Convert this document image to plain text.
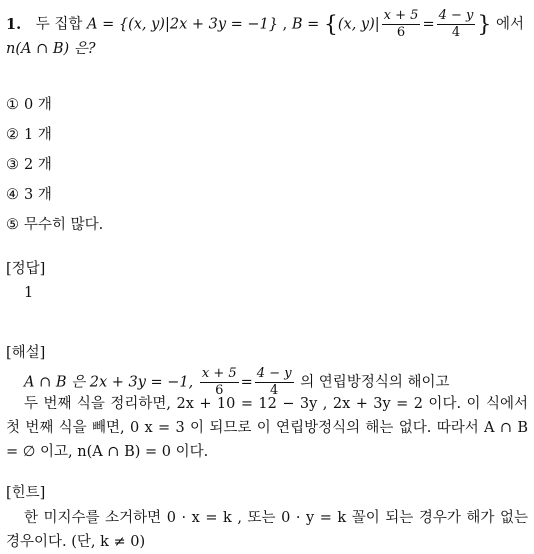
1. 두 집합 A = {(x, y)|2x + 3y = −1} , B = {(x, $y)| \frac{x + 5}{6} = \frac{4 - y}{4}$ } 에서
n(A ∩ B) 은?
① 0 개
② 1 개
③ 2 개
④ 3 개
⑤ 무수히 많다.
[정답]
1
[해설]
A ∩ B 은 2x + 3y = −1, $\frac{x + 5}{6} = \frac{4 - y}{4}$ 의 연립방정식의 해이고
두 번째 식을 정리하면, 2x + 10 = 12 − 3y , 2x + 3y = 2 이다. 이 식에서 첫 번째 식을 빼면, 0 x = 3 이 되므로 이 연립방정식의 해는 없다. 따라서 A ∩ B = ∅ 이고, n(A ∩ B) = 0 이다.
[힌트]
한 미지수를 소거하면 0 · x = k , 또는 0 · y = k 꼴이 되는 경우가 해가 없는 경우이다. (단, k ≠ 0)
